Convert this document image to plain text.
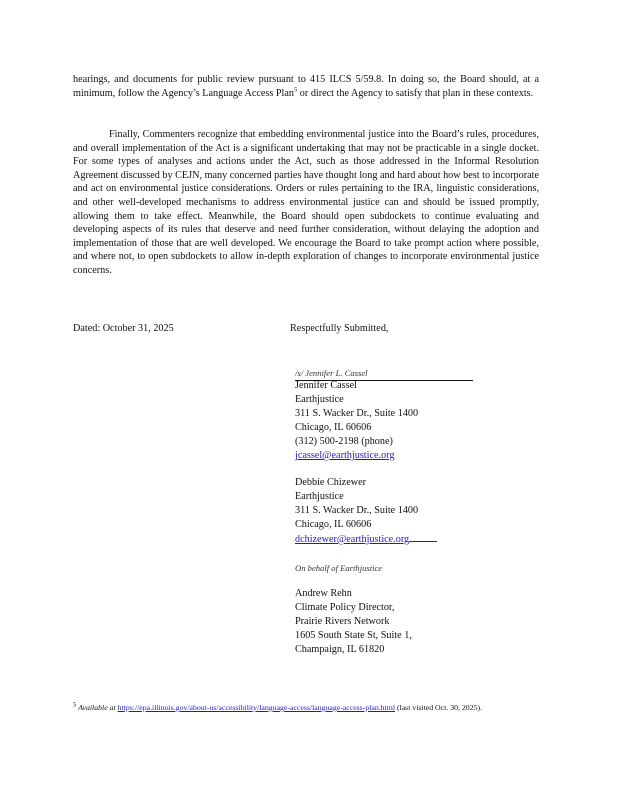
hearings, and documents for public review pursuant to 415 ILCS 5/59.8. In doing so, the Board should, at a minimum, follow the Agency’s Language Access Plan$^5$ or direct the Agency to satisfy that plan in these contexts.

Finally, Commenters recognize that embedding environmental justice into the Board’s rules, procedures, and overall implementation of the Act is a significant undertaking that may not be practicable in a single docket. For some types of analyses and actions under the Act, such as those addressed in the Informal Resolution Agreement discussed by CEJN, many concerned parties have thought long and hard about how best to incorporate and act on environmental justice considerations. Orders or rules pertaining to the IRA, linguistic considerations, and other well-developed mechanisms to address environmental justice can and should be issued promptly, allowing them to take effect. Meanwhile, the Board should open subdockets to continue evaluating and developing aspects of its rules that deserve and need further consideration, without delaying the adoption and implementation of those that are well developed. We encourage the Board to take prompt action where possible, and where not, to open subdockets to allow in-depth exploration of changes to incorporate environmental justice concerns.

Dated: October 31, 2025	Respectfully Submitted,
/s/ Jennifer L. Cassel
Jennifer Cassel
Earthjustice
311 S. Wacker Dr., Suite 1400
Chicago, IL 60606
(312) 500-2198 (phone)
jcassel@earthjustice.org
Debbie Chizewer
Earthjustice
311 S. Wacker Dr., Suite 1400
Chicago, IL 60606
dchizewer@earthjustice.org
On behalf of Earthjustice
Andrew Rehn
Climate Policy Director,
Prairie Rivers Network
1605 South State St, Suite 1,
Champaign, IL 61820
$^5$ Available at https://epa.illinois.gov/about-us/accessibility/language-access/language-access-plan.html (last visited Oct. 30, 2025).
